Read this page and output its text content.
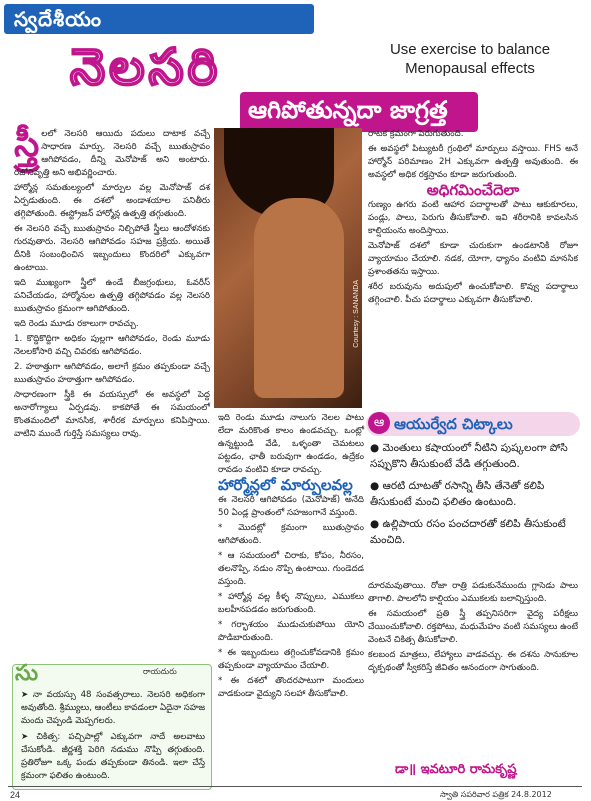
స్వదేశీయం
నెలసరి
ఆగిపోతున్నదా జాగ్రత్త
Use exercise to balance Menopausal effects
Courtesy : SANANDA
స్త్రీ లలో నెలసరి ఆయిదు పదులు దాటాక వచ్చే సాధారణ మార్పు. నెలసరి వచ్చే ఋతుస్రావం ఆగిపోవడం, దీన్ని మెనోపాజ్ అని అంటారు. రజోనివృత్తి అని అభివర్ణించారు.

హార్మోన్ల సమతుల్యంలో మార్పుల వల్ల మెనోపాజ్ దశ ఏర్పడుతుంది. ఈ దశలో అండాశయాల పనితీరు తగ్గిపోతుంది. ఈస్ట్రోజన్ హార్మోన్ల ఉత్పత్తి తగ్గుతుంది.

ఈ నెలసరి వచ్చే ఋతుస్రావం నిల్చిపోతే స్త్రీలు ఆందోళనకు గురవుతారు. నెలసరి ఆగిపోవడం సహజ ప్రక్రియ. అయితే దీనికి సంబంధించిన ఇబ్బందులు కొందరిలో ఎక్కువగా ఉంటాయి.

ఇది ముఖ్యంగా స్త్రీలో ఉండే బీజగ్రంథులు, ఓవరీస్ పనిచేయడం, హార్మోనుల ఉత్పత్తి తగ్గిపోవడం వల్ల నెలసరి ఋతుస్రావం క్రమంగా ఆగిపోతుంది.

ఇది రెండు మూడు రకాలుగా రావచ్చు.

1. కొద్దికొద్దిగా అధికం పుల్లగా ఆగిపోవడం, రెండు మూడు నెలలకోసారి వచ్చి చివరకు ఆగిపోవడం.

2. హఠాత్తుగా ఆగిపోవడం, అలాగే క్రమం తప్పకుండా వచ్చే ఋతుస్రావం హఠాత్తుగా ఆగిపోవడం.

సాధారణంగా స్త్రీకి ఈ వయస్సులో ఈ అవస్థలో పెద్ద అనారోగ్యాలు ఏర్పడవు. కాకపోతే ఈ సమయంలో కొంతమందిలో మానసిక, శారీరక మార్పులు కనిపిస్తాయి. వాటిని ముందే గుర్తిస్తే సమస్యలు రావు.

ఇది రెండు మూడు నాలుగు నెలల పాటు లేదా మరికొంత కాలం ఉండవచ్చు. ఒంట్లో ఉన్నట్టుండి వేడి, ఒళ్ళంతా చెమటలు పట్టడం, ఛాతీ బరువుగా ఉండడం, ఉద్రేకం రావడం వంటివి కూడా రావచ్చు.

హార్మోన్లలో మార్పులవల్ల

ఈ నెలసరి ఆగిపోవడం (మెనోపాజ్) అనేది 50 ఏండ్ల ప్రాంతంలో సహజంగానే వస్తుంది.

* మొదట్లో క్రమంగా ఋతుస్రావం ఆగిపోతుంది.

* ఆ సమయంలో చిరాకు, కోపం, నీరసం, తలనొప్పి, నడుం నొప్పి ఉంటాయి. గుండెదడ వస్తుంది.

* హార్మోన్ల వల్ల కీళ్ళ నొప్పులు, ఎముకలు బలహీనపడడం జరుగుతుంది.

* గర్భాశయం ముడుచుకుపోయి యోని పొడిబారుతుంది.

* ఈ ఇబ్బందులు తగ్గించుకోవడానికి క్రమం తప్పకుండా వ్యాయామం చేయాలి.

* ఈ దశలో తొందరపాటుగా మందులు వాడకుండా వైద్యుని సలహా తీసుకోవాలి.

రాటక క్రమంగా పెరుగుతుంది.

ఈ అవస్థలో పిట్యుటరీ గ్రంథిలో మార్పులు వస్తాయి. FHS అనే హార్మోన్ పరిమాణం 2H ఎక్కువగా ఉత్పత్తి అవుతుంది. ఈ అవస్థలో అధిక రక్తస్రావం కూడా జరుగుతుంది.

అధిగమించేదెలా

గుణ్యం ఉగరు వంటి ఆహార పదార్థాలతో పాటు ఆకుకూరలు, పండ్లు, పాలు, పెరుగు తీసుకోవాలి. ఇవి శరీరానికి కావలసిన కాల్షియంను అందిస్తాయి.

మెనోపాజ్ దశలో కూడా చురుకుగా ఉండటానికి రోజూ వ్యాయామం చేయాలి. నడక, యోగా, ధ్యానం వంటివి మానసిక ప్రశాంతతను ఇస్తాయి.

శరీర బరువును అదుపులో ఉంచుకోవాలి. కొవ్వు పదార్థాలు తగ్గించాలి. పీచు పదార్థాలు ఎక్కువగా తీసుకోవాలి.

ఆ ఆయుర్వేద చిట్కాలు
● మెంతులు కషాయంలో నీటిని పుష్కలంగా పోసి సప్పుకొని తీసుకుంటే వేడి తగ్గుతుంది.
● ఆరటి దూటతో రసాన్ని తీసి తేనెతో కలిపి తీసుకుంటే మంచి ఫలితం ఉంటుంది.
● ఉల్లిపాయ రసం పంచదారతో కలిపి తీసుకుంటే మంచిది.

దూరమవుతాయి. రోజా రాత్రి పడుకునేముందు గ్లాసెడు పాలు తాగాలి. పాలలోని కాల్షియం ఎముకలకు బలాన్నిస్తుంది.

ఈ సమయంలో ప్రతి స్త్రీ తప్పనిసరిగా వైద్య పరీక్షలు చేయించుకోవాలి. రక్తపోటు, మధుమేహం వంటి సమస్యలు ఉంటే వెంటనే చికిత్స తీసుకోవాలి.

కలబంద మాత్రలు, లేహ్యాలు వాడవచ్చు. ఈ దశను సానుకూల దృక్పథంతో స్వీకరిస్తే జీవితం ఆనందంగా సాగుతుంది.

డా॥ ఇవటూరి రామకృష్ణ
సు	రాయదురు

➤ నా వయస్సు 48 సంవత్సరాలు. నెలసరి అధికంగా అవుతోంది. శ్రీమ్యులు, ఆంటీలు కావడంలా ఏదైనా సహజ మందు చెప్పండి మెప్పగలరు.

➤ చికిత్స: పచ్చిపాల్లో ఎక్కువగా నాదే అలవాటు చేసుకోండి. జీర్ణశక్తి పెరిగి నడుము నొప్పి తగ్గుతుంది. ప్రతిరోజూ ఒక్క పండు తప్పకుండా తినండి. ఇలా చేస్తే క్రమంగా ఫలితం ఉంటుంది.

24	స్వాతి సపరివార పత్రిక 24.8.2012
